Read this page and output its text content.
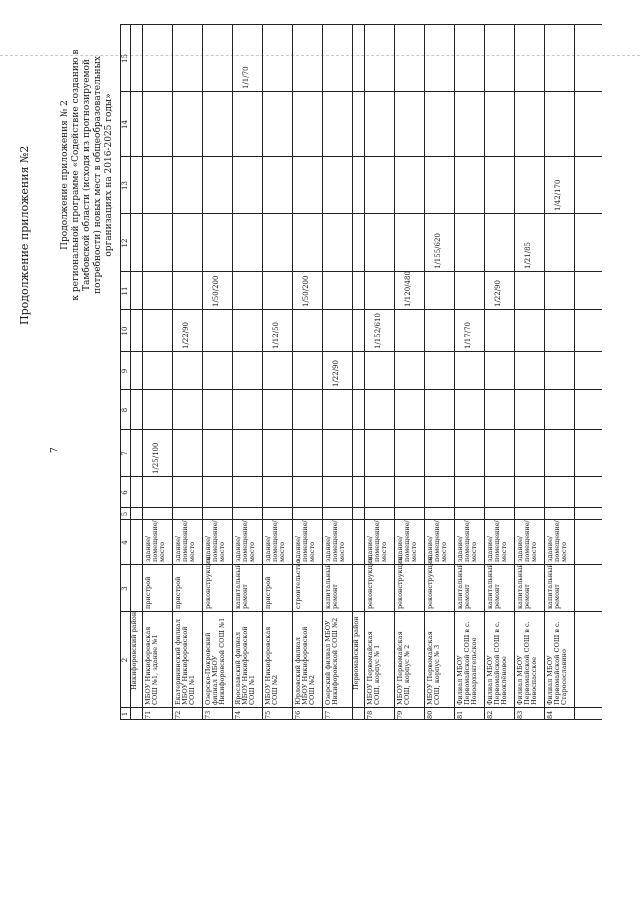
Продолжение приложения №2
7
Продолжение приложения № 2 к региональной программе «Содействие созданию в Тамбовской области (исходя из прогнозируемой потребности) новых мест в общеобразовательных организациях на 2016-2025 годы»
1
2
3
4
5
6
7
8
9
10
11
12
13
14
15
Никифоровский район	Первомайский район
71
МБОУ Никифоровская СОШ №1, здание №1
пристрой
здание/ помещение/ место
1/25/100
72
Екатерининский филиал МБОУ Никифоровской СОШ №1
пристрой
здание/ помещение/ место
1/22/90
73
Озерско-Покровский филиал МБОУ Никифоровской СОШ №1
реконструкция
здание/ помещение/ место
1/50/200
74
Ярославский филиал МБОУ Никифоровской СОШ №1
капитальный ремонт
здание/ помещение/ место
1/1/70
75
МБОУ Никифоровская СОШ №2
пристрой
здание/ помещение/ место
1/12/50
76
Юрловский филиал МБОУ Никифоровской СОШ №2
строительство
здание/ помещение/ место
1/50/200
77
Озерский филиал МБОУ Никифоровской СОШ №2
капитальный ремонт
здание/ помещение/ место
1/22/90
78
МБОУ Первомайская СОШ, корпус № 1
реконструкция
здание/ помещение/ место
1/152/610
79
МБОУ Первомайская СОШ, корпус № 2
реконструкция
здание/ помещение/ место
1/120/480
80
МБОУ Первомайская СОШ, корпус № 3
реконструкция
здание/ помещение/ место
1/155/620
81
Филиал МБОУ Первомайской СОШ в с. Новоархангельское
капитальный ремонт
здание/ помещение/ место
1/17/70
82
Филиал МБОУ Первомайской СОШ в с. Новоклёновое
капитальный ремонт
здание/ помещение/ место
1/22/90
83
Филиал МБОУ Первомайской СОШ в с. Новоспасское
капитальный ремонт
здание/ помещение/ место
1/21/85
84
Филиал МБОУ Первомайской СОШ в с. Старосеславино
капитальный ремонт
здание/ помещение/ место
1/42/170
